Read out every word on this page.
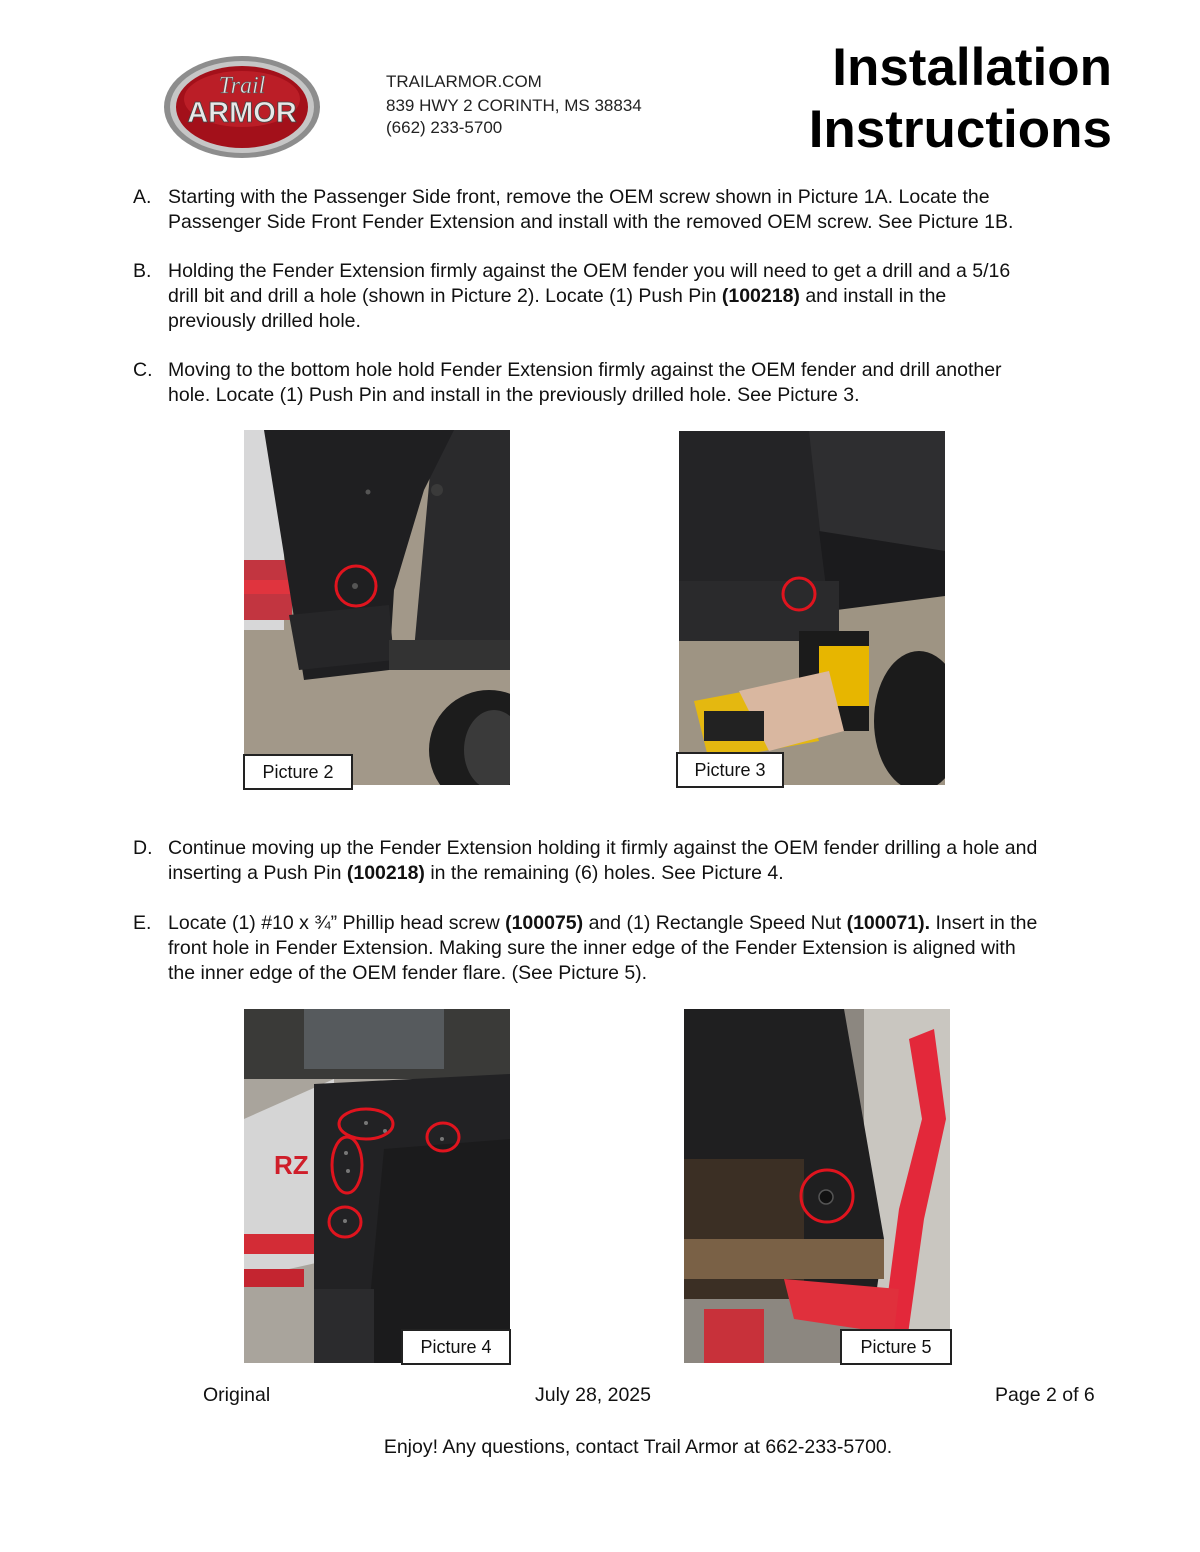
Trail
ARMOR
TRAILARMOR.COM
839 HWY 2 CORINTH, MS 38834
(662) 233-5700
Installation
Instructions
A. Starting with the Passenger Side front, remove the OEM screw shown in Picture 1A. Locate the
Passenger Side Front Fender Extension and install with the removed OEM screw. See Picture 1B.
B. Holding the Fender Extension firmly against the OEM fender you will need to get a drill and a 5/16
drill bit and drill a hole (shown in Picture 2). Locate (1) Push Pin (100218) and install in the
previously drilled hole.
C. Moving to the bottom hole hold Fender Extension firmly against the OEM fender and drill another
hole. Locate (1) Push Pin and install in the previously drilled hole. See Picture 3.
Picture 2	Picture 3
D. Continue moving up the Fender Extension holding it firmly against the OEM fender drilling a hole and
inserting a Push Pin (100218) in the remaining (6) holes. See Picture 4.
E. Locate (1) #10 x ¾” Phillip head screw (100075) and (1) Rectangle Speed Nut (100071). Insert in the
front hole in Fender Extension. Making sure the inner edge of the Fender Extension is aligned with
the inner edge of the OEM fender flare. (See Picture 5).
RZ
Picture 4	Picture 5
Original	July 28, 2025	Page 2 of 6
Enjoy! Any questions, contact Trail Armor at 662-233-5700.
